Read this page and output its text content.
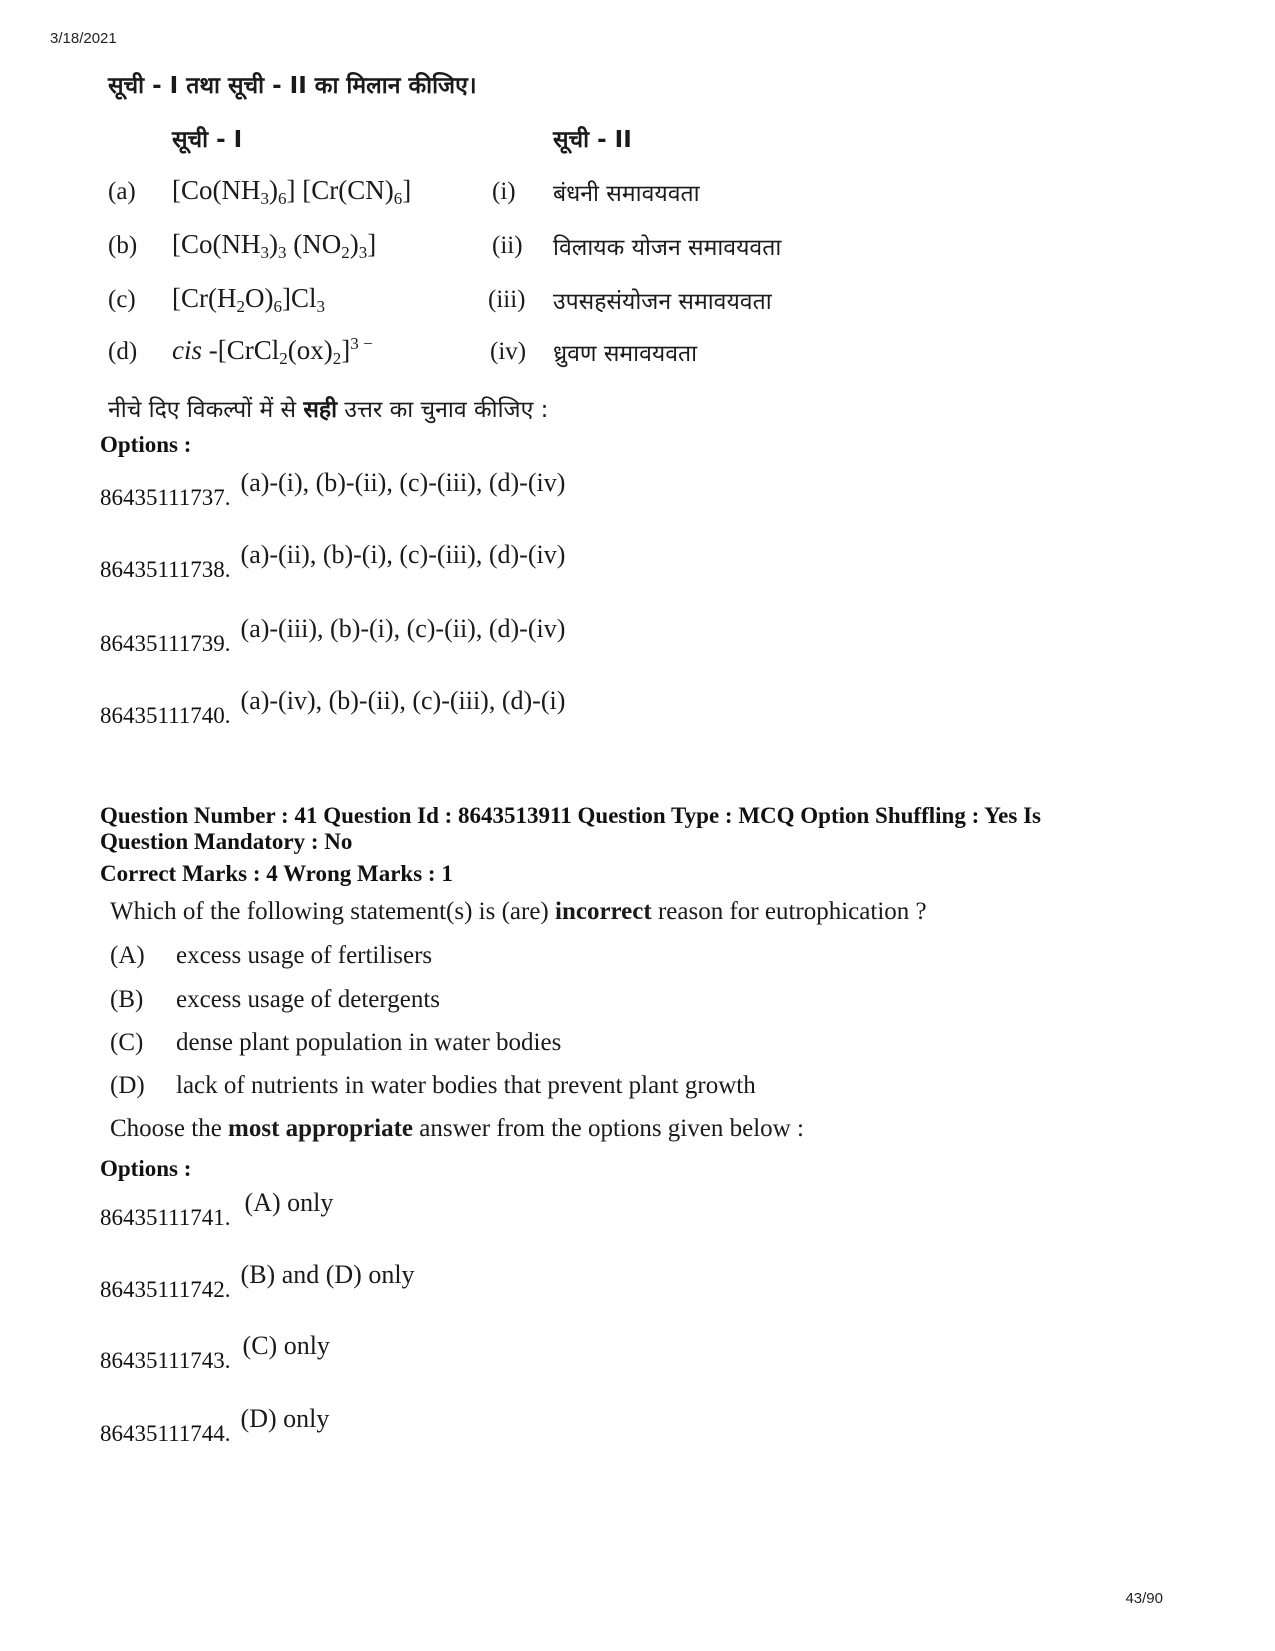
3/18/2021
43/90
सूची - I तथा सूची - II का मिलान कीजिए।
सूची - I	सूची - II
(a) $[Co(NH_3)_6]$ $[Cr(CN)_6]$	(i) बंधनी समावयवता
(b) [$Co(NH_3)_3$ $(NO_2)_3$]	(ii) विलायक योजन समावयवता
(c) $[Cr(H_2O)_6]Cl_3$	(iii) उपसहसंयोजन समावयवता
(d) cis $-[CrCl_2(ox)_2]^{3 -}$	(iv) ध्रुवण समावयवता
नीचे दिए विकल्पों में से सही उत्तर का चुनाव कीजिए :
Options :
86435111737. (a)-(i), (b)-(ii), (c)-(iii), (d)-(iv)
86435111738. (a)-(ii), (b)-(i), (c)-(iii), (d)-(iv)
86435111739. (a)-(iii), (b)-(i), (c)-(ii), (d)-(iv)
86435111740. (a)-(iv), (b)-(ii), (c)-(iii), (d)-(i)
Question Number : 41 Question Id : 8643513911 Question Type : MCQ Option Shuffling : Yes Is
Question Mandatory : No
Correct Marks : 4 Wrong Marks : 1
Which of the following statement(s) is (are) incorrect reason for eutrophication ?
(A) excess usage of fertilisers
(B) excess usage of detergents
(C) dense plant population in water bodies
(D) lack of nutrients in water bodies that prevent plant growth
Choose the most appropriate answer from the options given below :
Options :
86435111741. (A) only
86435111742. (B) and (D) only
86435111743. (C) only
86435111744. (D) only
